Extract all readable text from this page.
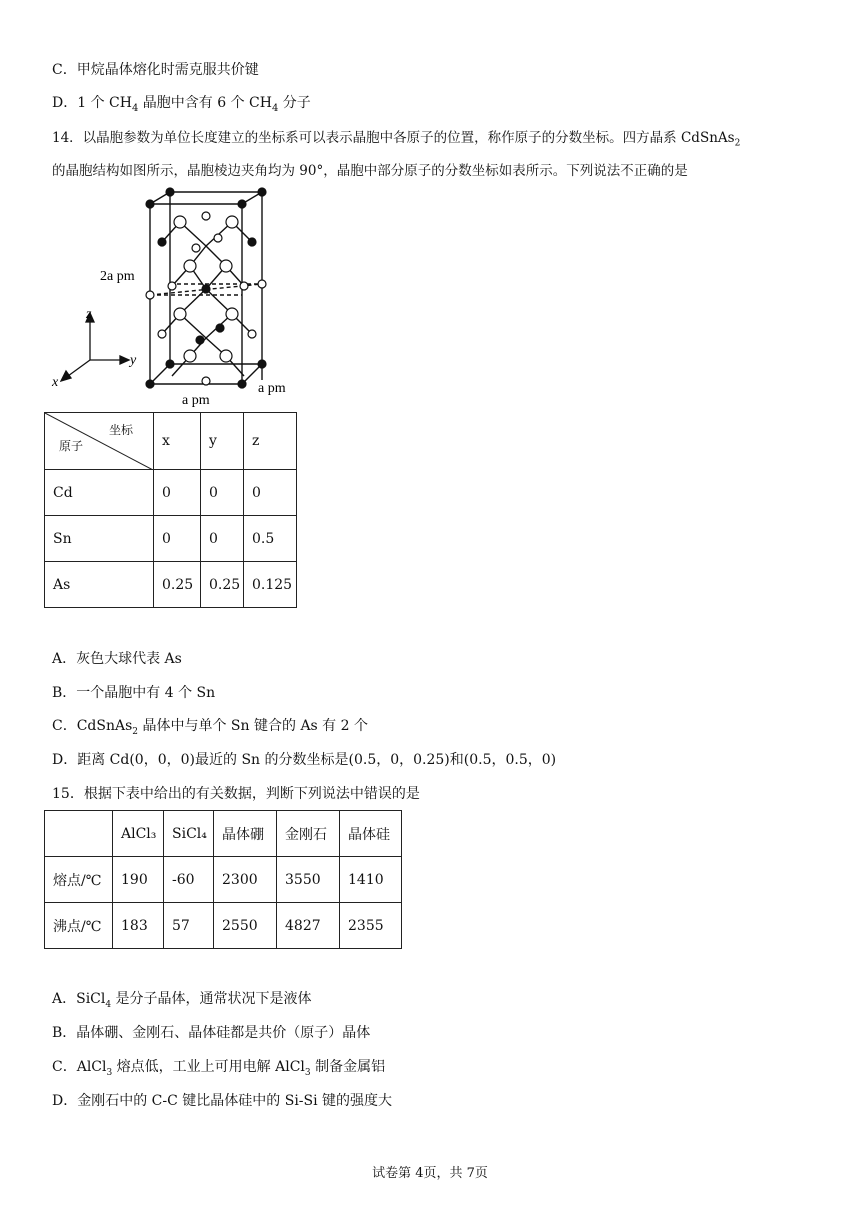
C．甲烷晶体熔化时需克服共价键
D．1 个 $CH_4$ 晶胞中含有 6 个 $CH_4$ 分子
14．以晶胞参数为单位长度建立的坐标系可以表示晶胞中各原子的位置，称作原子的分数坐标。四方晶系 CdSnAs$_2$
的晶胞结构如图所示，晶胞棱边夹角均为 90°，晶胞中部分原子的分数坐标如表所示。下列说法不正确的是
z
y
x
2a pm
a pm
a pm
坐标
原子	x	y	z
Cd	0	0	0
Sn	0	0	0.5
As	0.25	0.25	0.125
A．灰色大球代表 As
B．一个晶胞中有 4 个 Sn
C．CdSnAs$_2$ 晶体中与单个 Sn 键合的 As 有 2 个
D．距离 Cd(0，0，0)最近的 Sn 的分数坐标是(0.5，0，0.25)和(0.5，0.5，0)
15．根据下表中给出的有关数据，判断下列说法中错误的是
	AlCl₃	SiCl₄	晶体硼	金刚石	晶体硅
熔点/℃	190	-60	2300	3550	1410
沸点/℃	183	57	2550	4827	2355
A．SiCl$_4$ 是分子晶体，通常状况下是液体
B．晶体硼、金刚石、晶体硅都是共价（原子）晶体
C．AlCl$_3$ 熔点低，工业上可用电解 AlCl$_3$ 制备金属铝
D．金刚石中的 C-C 键比晶体硅中的 Si-Si 键的强度大
试卷第 4页，共 7页
